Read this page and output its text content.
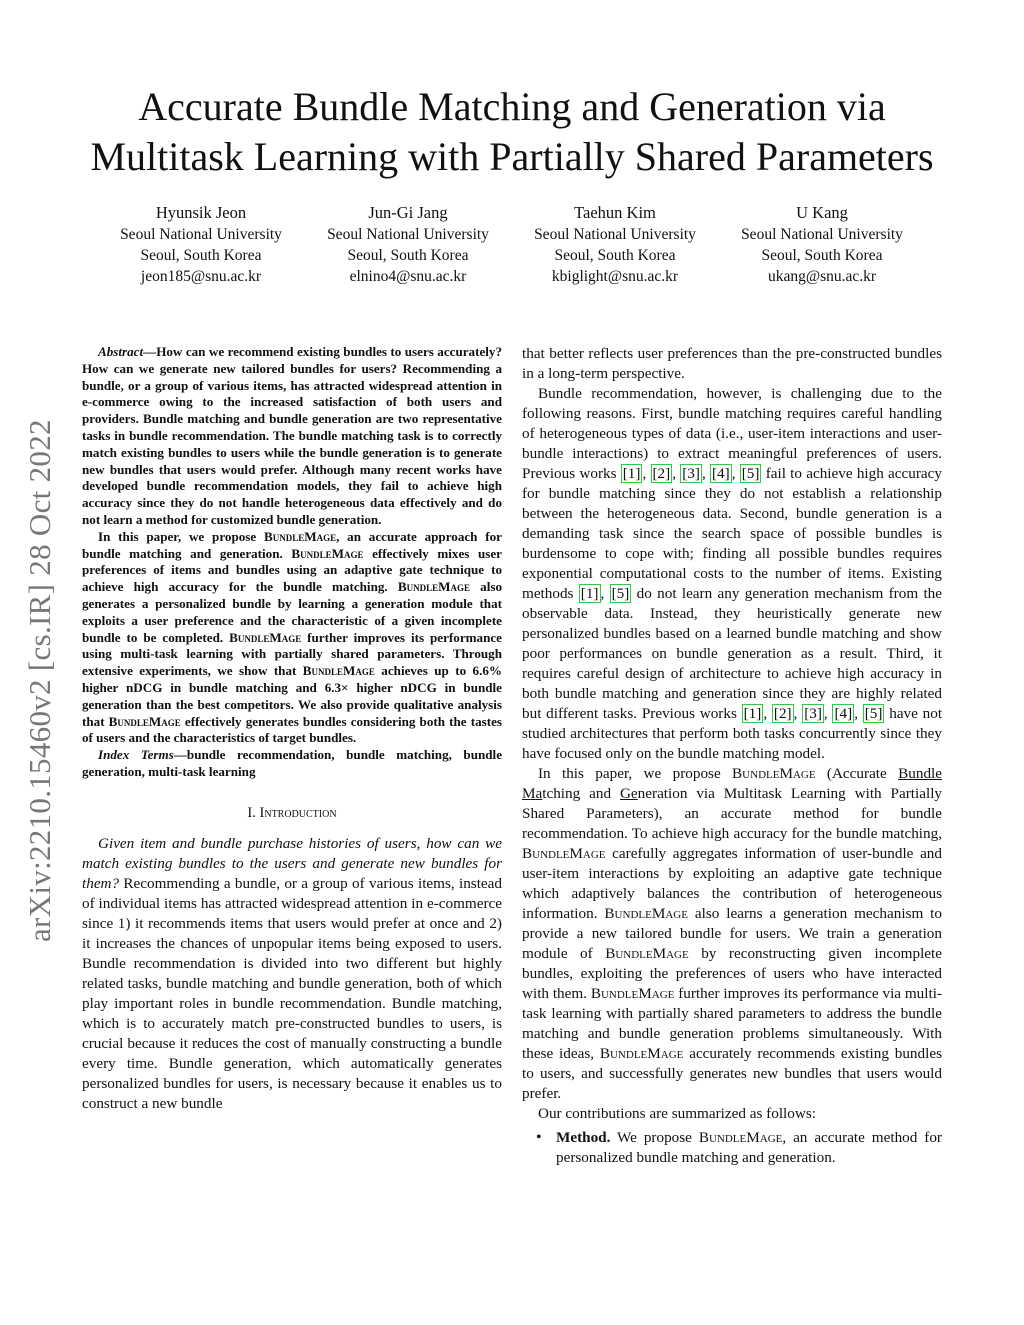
Accurate Bundle Matching and Generation via
Multitask Learning with Partially Shared Parameters
Hyunsik Jeon
Seoul National University
Seoul, South Korea
jeon185@snu.ac.kr
Jun-Gi Jang
Seoul National University
Seoul, South Korea
elnino4@snu.ac.kr
Taehun Kim
Seoul National University
Seoul, South Korea
kbiglight@snu.ac.kr
U Kang
Seoul National University
Seoul, South Korea
ukang@snu.ac.kr
arXiv:2210.15460v2 [cs.IR] 28 Oct 2022

Abstract—How can we recommend existing bundles to users accurately? How can we generate new tailored bundles for users? Recommending a bundle, or a group of various items, has attracted widespread attention in e-commerce owing to the increased satisfaction of both users and providers. Bundle matching and bundle generation are two representative tasks in bundle recommendation. The bundle matching task is to correctly match existing bundles to users while the bundle generation is to generate new bundles that users would prefer. Although many recent works have developed bundle recommendation models, they fail to achieve high accuracy since they do not handle heterogeneous data effectively and do not learn a method for customized bundle generation.

In this paper, we propose BundleMage, an accurate approach for bundle matching and generation. BundleMage effectively mixes user preferences of items and bundles using an adaptive gate technique to achieve high accuracy for the bundle matching. BundleMage also generates a personalized bundle by learning a generation module that exploits a user preference and the characteristic of a given incomplete bundle to be completed. BundleMage further improves its performance using multi-task learning with partially shared parameters. Through extensive experiments, we show that BundleMage achieves up to 6.6% higher nDCG in bundle matching and 6.3× higher nDCG in bundle generation than the best competitors. We also provide qualitative analysis that BundleMage effectively generates bundles considering both the tastes of users and the characteristics of target bundles.

Index Terms—bundle recommendation, bundle matching, bundle generation, multi-task learning

I. Introduction

Given item and bundle purchase histories of users, how can we match existing bundles to the users and generate new bundles for them? Recommending a bundle, or a group of various items, instead of individual items has attracted widespread attention in e-commerce since 1) it recommends items that users would prefer at once and 2) it increases the chances of unpopular items being exposed to users. Bundle recommendation is divided into two different but highly related tasks, bundle matching and bundle generation, both of which play important roles in bundle recommendation. Bundle matching, which is to accurately match pre-constructed bundles to users, is crucial because it reduces the cost of manually constructing a bundle every time. Bundle generation, which automatically generates personalized bundles for users, is necessary because it enables us to construct a new bundle

that better reflects user preferences than the pre-constructed bundles in a long-term perspective.

Bundle recommendation, however, is challenging due to the following reasons. First, bundle matching requires careful handling of heterogeneous types of data (i.e., user-item interactions and user-bundle interactions) to extract meaningful preferences of users. Previous works [1] , [2] , [3] , [4] , [5] fail to achieve high accuracy for bundle matching since they do not establish a relationship between the heterogeneous data. Second, bundle generation is a demanding task since the search space of possible bundles is burdensome to cope with; finding all possible bundles requires exponential computational costs to the number of items. Existing methods [1] , [5] do not learn any generation mechanism from the observable data. Instead, they heuristically generate new personalized bundles based on a learned bundle matching and show poor performances on bundle generation as a result. Third, it requires careful design of architecture to achieve high accuracy in both bundle matching and generation since they are highly related but different tasks. Previous works [1] , [2] , [3] , [4] , [5] have not studied architectures that perform both tasks concurrently since they have focused only on the bundle matching model.

In this paper, we propose BundleMage (Accurate Bundle Matching and Generation via Multitask Learning with Partially Shared Parameters), an accurate method for bundle recommendation. To achieve high accuracy for the bundle matching, BundleMage carefully aggregates information of user-bundle and user-item interactions by exploiting an adaptive gate technique which adaptively balances the contribution of heterogeneous information. BundleMage also learns a generation mechanism to provide a new tailored bundle for users. We train a generation module of BundleMage by reconstructing given incomplete bundles, exploiting the preferences of users who have interacted with them. BundleMage further improves its performance via multi-task learning with partially shared parameters to address the bundle matching and bundle generation problems simultaneously. With these ideas, BundleMage accurately recommends existing bundles to users, and successfully generates new bundles that users would prefer.

Our contributions are summarized as follows:

• Method. We propose BundleMage, an accurate method for personalized bundle matching and generation.
